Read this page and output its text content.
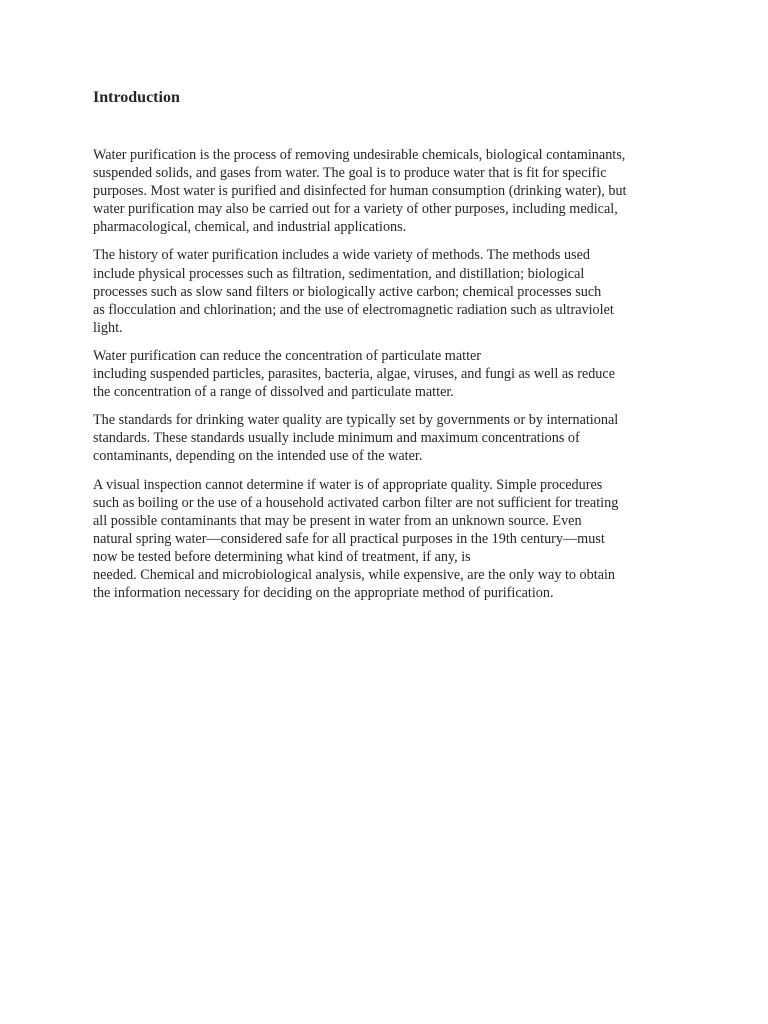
Introduction

Water purification is the process of removing undesirable chemicals, biological contaminants,
suspended solids, and gases from water. The goal is to produce water that is fit for specific
purposes. Most water is purified and disinfected for human consumption (drinking water), but
water purification may also be carried out for a variety of other purposes, including medical,
pharmacological, chemical, and industrial applications.

The history of water purification includes a wide variety of methods. The methods used
include physical processes such as filtration, sedimentation, and distillation; biological
processes such as slow sand filters or biologically active carbon; chemical processes such
as flocculation and chlorination; and the use of electromagnetic radiation such as ultraviolet
light.

Water purification can reduce the concentration of particulate matter
including suspended particles, parasites, bacteria, algae, viruses, and fungi as well as reduce
the concentration of a range of dissolved and particulate matter.

The standards for drinking water quality are typically set by governments or by international
standards. These standards usually include minimum and maximum concentrations of
contaminants, depending on the intended use of the water.

A visual inspection cannot determine if water is of appropriate quality. Simple procedures
such as boiling or the use of a household activated carbon filter are not sufficient for treating
all possible contaminants that may be present in water from an unknown source. Even
natural spring water—considered safe for all practical purposes in the 19th century—must
now be tested before determining what kind of treatment, if any, is
needed. Chemical and microbiological analysis, while expensive, are the only way to obtain
the information necessary for deciding on the appropriate method of purification.
